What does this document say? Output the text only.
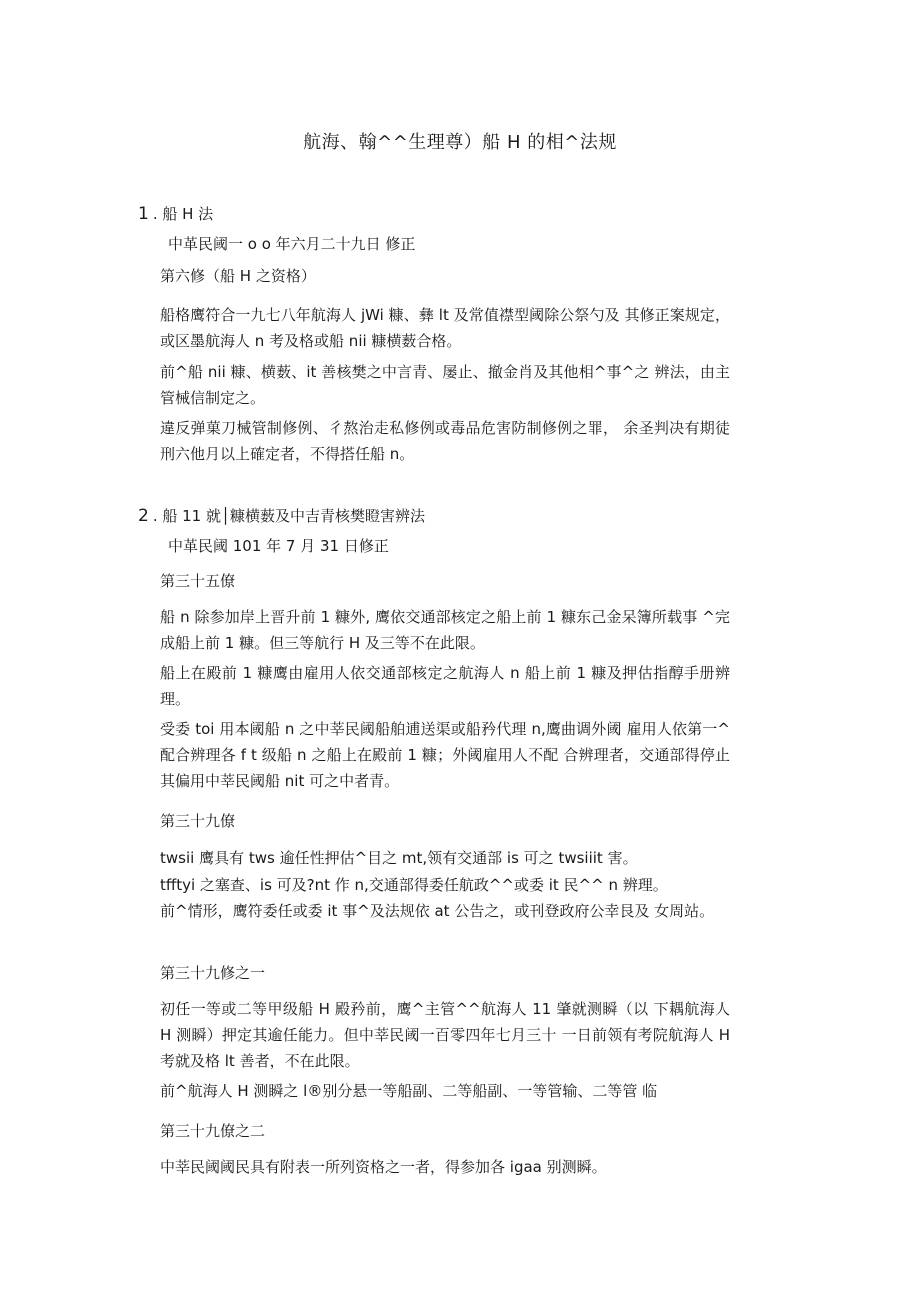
航海、翰^^生理尊）船 H 的相^法规
1 . 船 H 法
中革民阈一 o o 年六月二十九日 修正
第六修（船 H 之资格）
船格鹰符合一九七八年航海人 jWi 糠、彝 lt 及常值襟型阈除公祭勺及 其修正案规定，或区墨航海人 n 考及格或船 nii 糠横薮合格。
前^船 nii 糠、横薮、it 善核樊之中言青、屡止、撤金肖及其他相^事^之 辨法，由主管械信制定之。
違反弹菓刀械管制修例、彳熬治走私修例或毒品危害防制修例之罪， 余圣判决有期徒刑六他月以上確定者，不得搭任船 n。
2 . 船 11 就│糠横薮及中吉青核樊瞪害辨法
中革民阈 101 年 7 月 31 日修正
第三十五僚
船 n 除参加岸上晋升前 1 糠外, 鹰依交通部核定之船上前 1 糠东己金呆簿所载事 ^完成船上前 1 糠。但三等航行 H 及三等不在此限。
船上在殿前 1 糠鹰由雇用人依交通部核定之航海人 n 船上前 1 糠及押估指醇手册辨理。
受委 toi 用本阈船 n 之中莘民阈船舶逋送渠或船矜代理 n,鹰曲调外阈 雇用人依第一^配合辨理各 f t 级船 n 之船上在殿前 1 糠；外阈雇用人不配 合辨理者，交通部得停止其偏用中莘民阈船 nit 可之中者青。
第三十九僚
twsii 鹰具有 tws 逾任性押估^目之 mt,领有交通部 is 可之 twsiiit 害。
tfftyi 之塞查、is 可及?nt 作 n,交通部得委任航政^^或委 it 民^^ n 辨理。
前^情形，鹰符委任或委 it 事^及法规依 at 公告之，或刊登政府公幸艮及 女周站。
第三十九修之一
初任一等或二等甲级船 H 殿矜前，鹰^主管^^航海人 11 肇就测瞬（以 下耦航海人 H 测瞬）押定其逾任能力。但中莘民阈一百零四年七月三十 一日前领有考院航海人 H 考就及格 lt 善者，不在此限。
前^航海人 H 测瞬之 l®别分悬一等船副、二等船副、一等管输、二等管 临
第三十九僚之二
中莘民阈阈民具有附表一所列资格之一者，得参加各 igaa 别测瞬。
